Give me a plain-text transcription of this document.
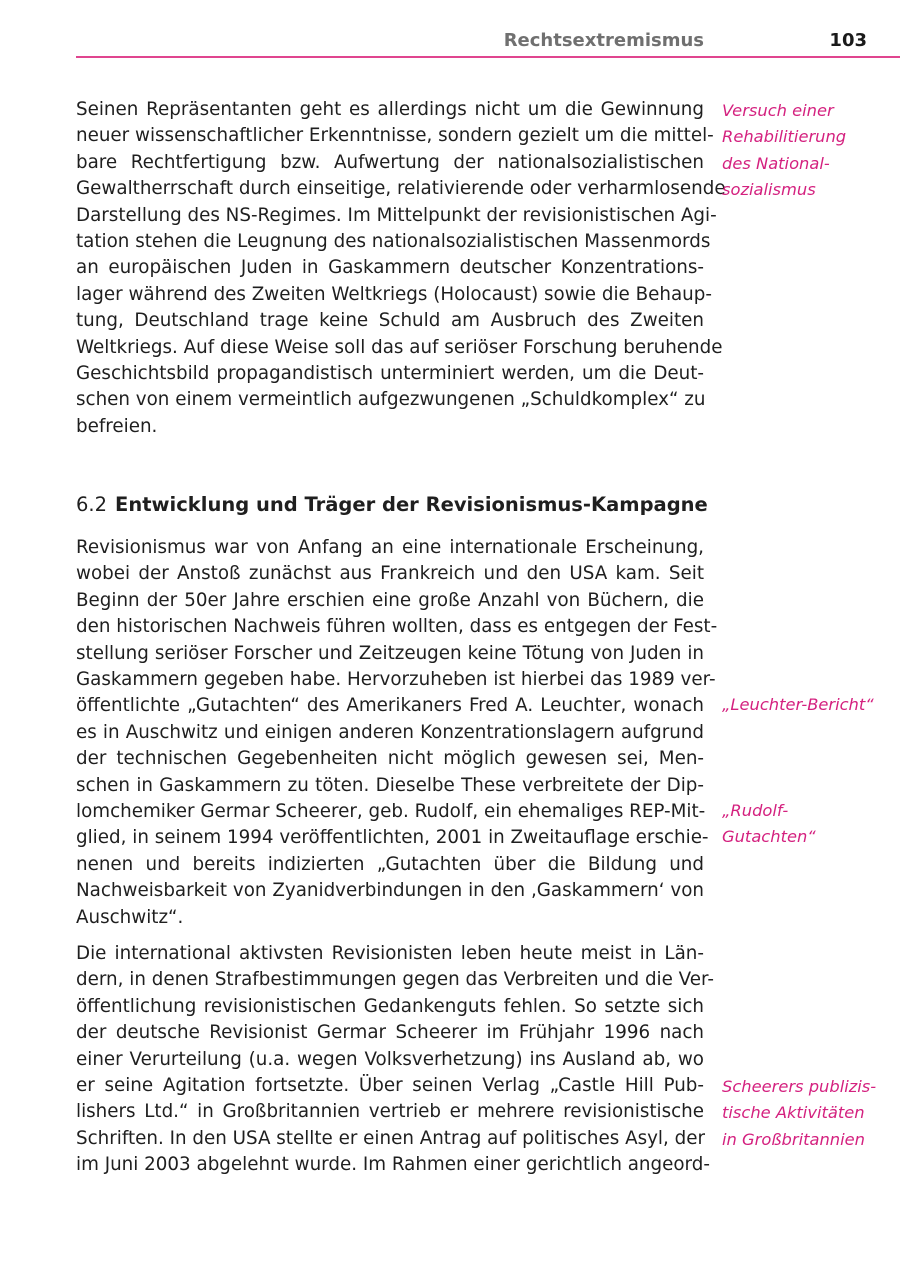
Rechtsextremismus	103
Seinen Repräsentanten geht es allerdings nicht um die Gewinnung
neuer wissenschaftlicher Erkenntnisse, sondern gezielt um die mittel-
bare Rechtfertigung bzw. Aufwertung der nationalsozialistischen
Gewaltherrschaft durch einseitige, relativierende oder verharmlosende
Darstellung des NS-Regimes. Im Mittelpunkt der revisionistischen Agi-
tation stehen die Leugnung des nationalsozialistischen Massenmords
an europäischen Juden in Gaskammern deutscher Konzentrations-
lager während des Zweiten Weltkriegs (Holocaust) sowie die Behaup-
tung, Deutschland trage keine Schuld am Ausbruch des Zweiten
Weltkriegs. Auf diese Weise soll das auf seriöser Forschung beruhende
Geschichtsbild propagandistisch unterminiert werden, um die Deut-
schen von einem vermeintlich aufgezwungenen „Schuldkomplex“ zu
befreien.
6.2 Entwicklung und Träger der Revisionismus-Kampagne
Revisionismus war von Anfang an eine internationale Erscheinung,
wobei der Anstoß zunächst aus Frankreich und den USA kam. Seit
Beginn der 50er Jahre erschien eine große Anzahl von Büchern, die
den historischen Nachweis führen wollten, dass es entgegen der Fest-
stellung seriöser Forscher und Zeitzeugen keine Tötung von Juden in
Gaskammern gegeben habe. Hervorzuheben ist hierbei das 1989 ver-
öffentlichte „Gutachten“ des Amerikaners Fred A. Leuchter, wonach
es in Auschwitz und einigen anderen Konzentrationslagern aufgrund
der technischen Gegebenheiten nicht möglich gewesen sei, Men-
schen in Gaskammern zu töten. Dieselbe These verbreitete der Dip-
lomchemiker Germar Scheerer, geb. Rudolf, ein ehemaliges REP-Mit-
glied, in seinem 1994 veröffentlichten, 2001 in Zweitauflage erschie-
nenen und bereits indizierten „Gutachten über die Bildung und
Nachweisbarkeit von Zyanidverbindungen in den ‚Gaskammern‘ von
Auschwitz“.
Die international aktivsten Revisionisten leben heute meist in Län-
dern, in denen Strafbestimmungen gegen das Verbreiten und die Ver-
öffentlichung revisionistischen Gedankenguts fehlen. So setzte sich
der deutsche Revisionist Germar Scheerer im Frühjahr 1996 nach
einer Verurteilung (u.a. wegen Volksverhetzung) ins Ausland ab, wo
er seine Agitation fortsetzte. Über seinen Verlag „Castle Hill Pub-
lishers Ltd.“ in Großbritannien vertrieb er mehrere revisionistische
Schriften. In den USA stellte er einen Antrag auf politisches Asyl, der
im Juni 2003 abgelehnt wurde. Im Rahmen einer gerichtlich angeord-
Versuch einer
Rehabilitierung
des National-
sozialismus
„Leuchter-Bericht“
„Rudolf-
Gutachten“
Scheerers publizis-
tische Aktivitäten
in Großbritannien
